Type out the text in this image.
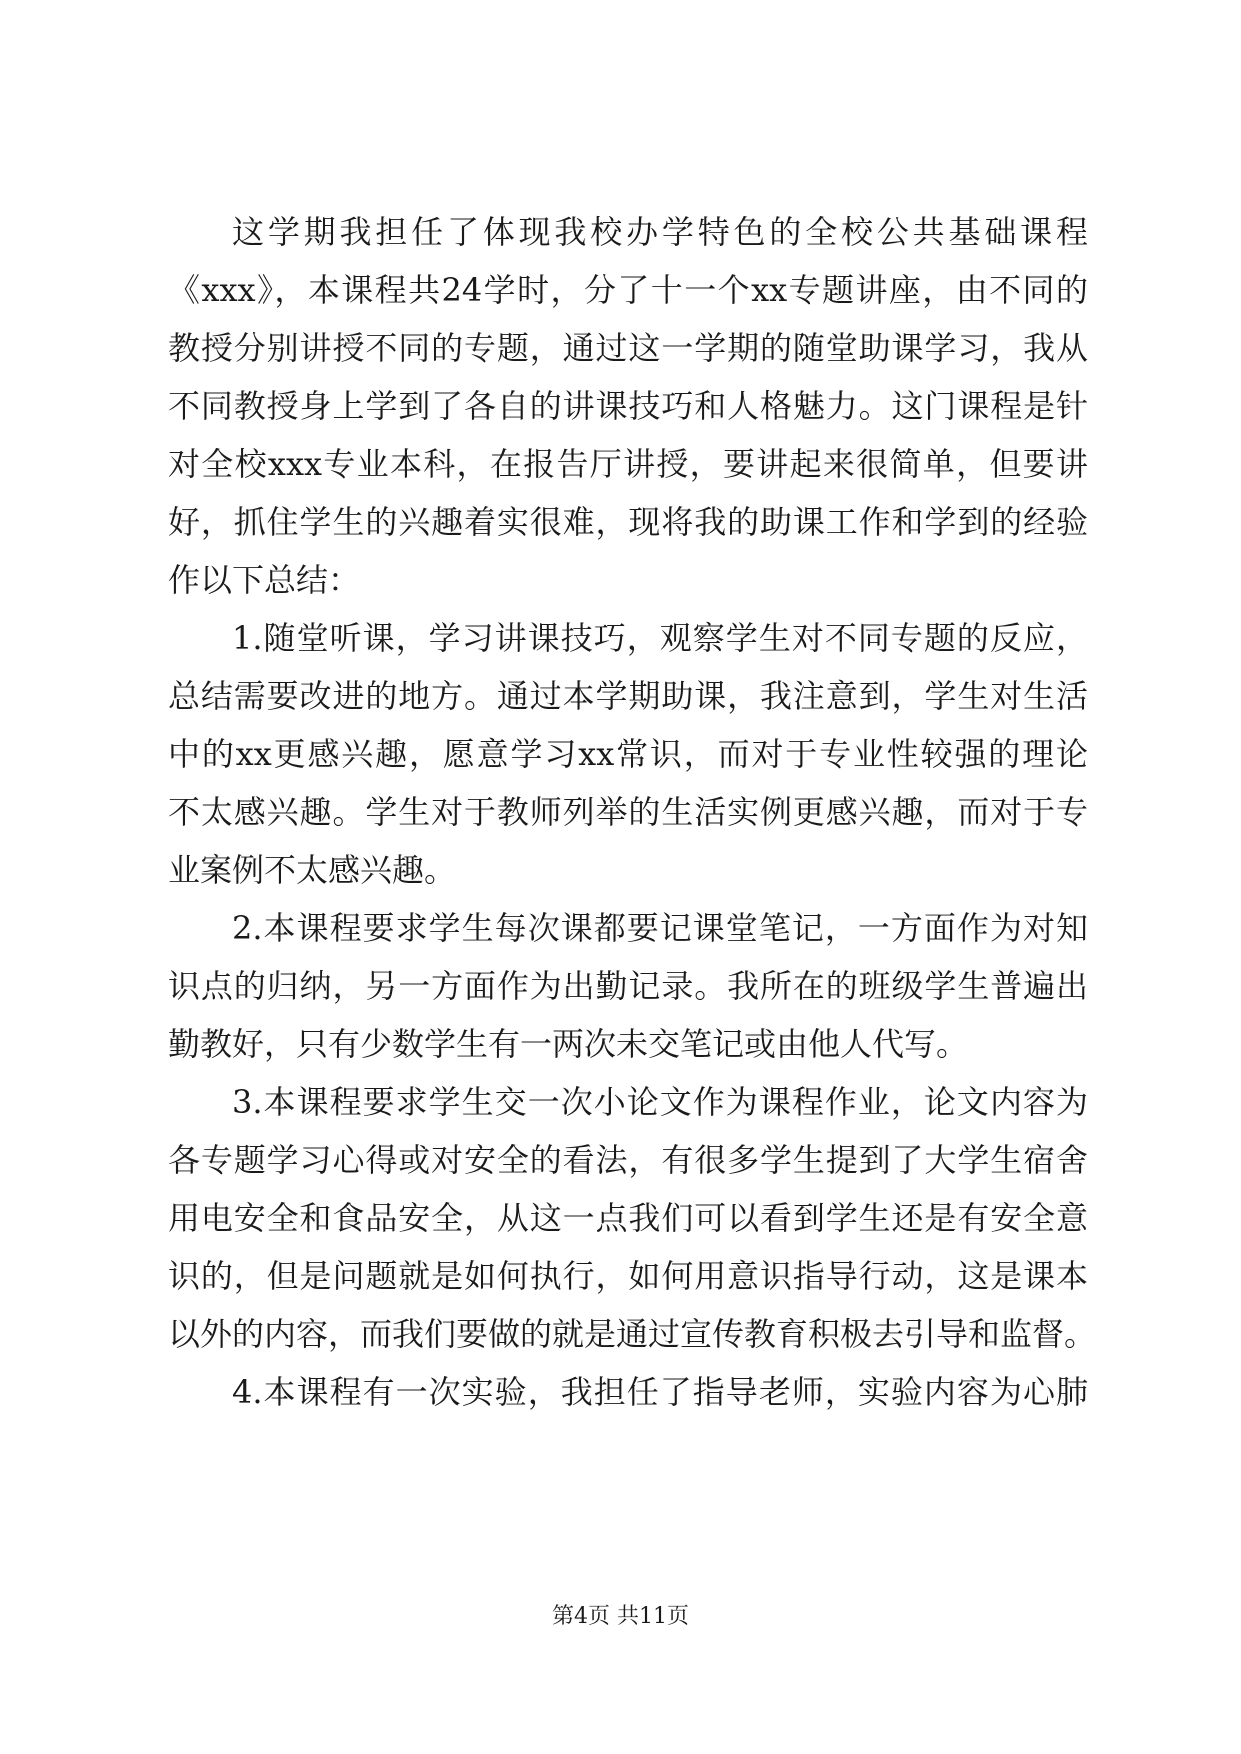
这学期我担任了体现我校办学特色的全校公共基础课程
《xxx》，本课程共24学时，分了十一个xx专题讲座，由不同的
教授分别讲授不同的专题，通过这一学期的随堂助课学习，我从
不同教授身上学到了各自的讲课技巧和人格魅力。这门课程是针
对全校xxx专业本科，在报告厅讲授，要讲起来很简单，但要讲
好，抓住学生的兴趣着实很难，现将我的助课工作和学到的经验
作以下总结：
1.随堂听课，学习讲课技巧，观察学生对不同专题的反应，
总结需要改进的地方。通过本学期助课，我注意到，学生对生活
中的xx更感兴趣，愿意学习xx常识，而对于专业性较强的理论
不太感兴趣。学生对于教师列举的生活实例更感兴趣，而对于专
业案例不太感兴趣。
2.本课程要求学生每次课都要记课堂笔记，一方面作为对知
识点的归纳，另一方面作为出勤记录。我所在的班级学生普遍出
勤教好，只有少数学生有一两次未交笔记或由他人代写。
3.本课程要求学生交一次小论文作为课程作业，论文内容为
各专题学习心得或对安全的看法，有很多学生提到了大学生宿舍
用电安全和食品安全，从这一点我们可以看到学生还是有安全意
识的，但是问题就是如何执行，如何用意识指导行动，这是课本
以外的内容，而我们要做的就是通过宣传教育积极去引导和监督。
4.本课程有一次实验，我担任了指导老师，实验内容为心肺
第4页 共11页
